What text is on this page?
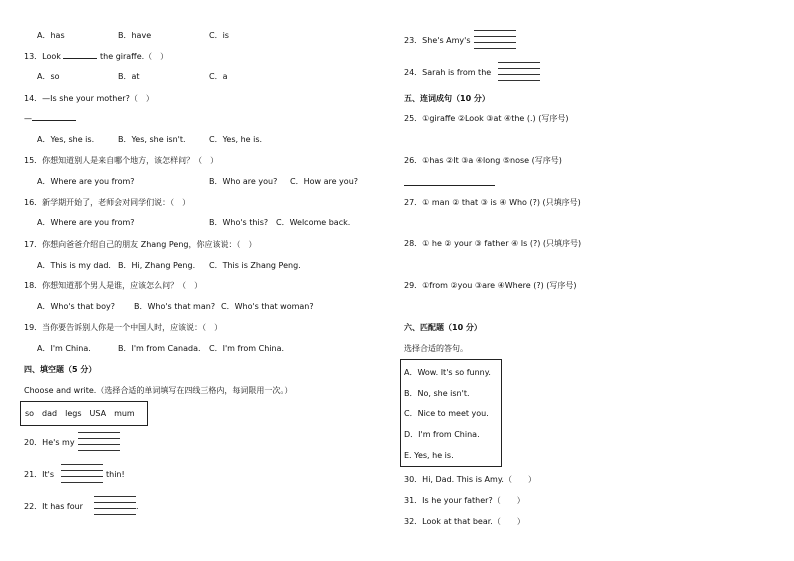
A．has	B．have	C．is
13．Look	the giraffe.（　）
A．so	B．at	C．a
14．—Is she your mother?（　）
—
A．Yes, she is.	B．Yes, she isn't.	C．Yes, he is.
15．你想知道别人是来自哪个地方，该怎样问？（　）
A．Where are you from?	B．Who are you? C．How are you?
16．新学期开始了，老师会对同学们说：（　）
A．Where are you from?	B．Who's this? C．Welcome back.
17．你想向爸爸介绍自己的朋友 Zhang Peng，你应该说：（　）
A．This is my dad. B．Hi, Zhang Peng. C．This is Zhang Peng.
18．你想知道那个男人是谁，应该怎么问？（　）
A．Who's that boy? B．Who's that man? C．Who's that woman?
19．当你要告诉别人你是一个中国人时，应该说：（　）
A．I'm China.	B．I'm from Canada. C．I'm from China.
四、填空题（5 分）
Choose and write.（选择合适的单词填写在四线三格内，每词限用一次。）
so　dad　legs　USA　mum
20．He's my
21．It's	thin!
22．It has four	.
23．She's Amy's
24．Sarah is from the
五、连词成句（10 分）
25．①giraffe ②Look ③at ④the (.) (写序号)
26．①has ②It ③a ④long ⑤nose (写序号)
27．① man ② that ③ is ④ Who (?) (只填序号)
28．① he ② your ③ father ④ Is (?) (只填序号)
29．①from ②you ③are ④Where (?) (写序号)
六、匹配题（10 分）
选择合适的答句。
A．Wow. It's so funny.
B．No, she isn't.
C．Nice to meet you.
D．I'm from China.
E. Yes, he is.
30．Hi, Dad. This is Amy.（　　）
31．Is he your father?（　　）
32．Look at that bear.（　　）
